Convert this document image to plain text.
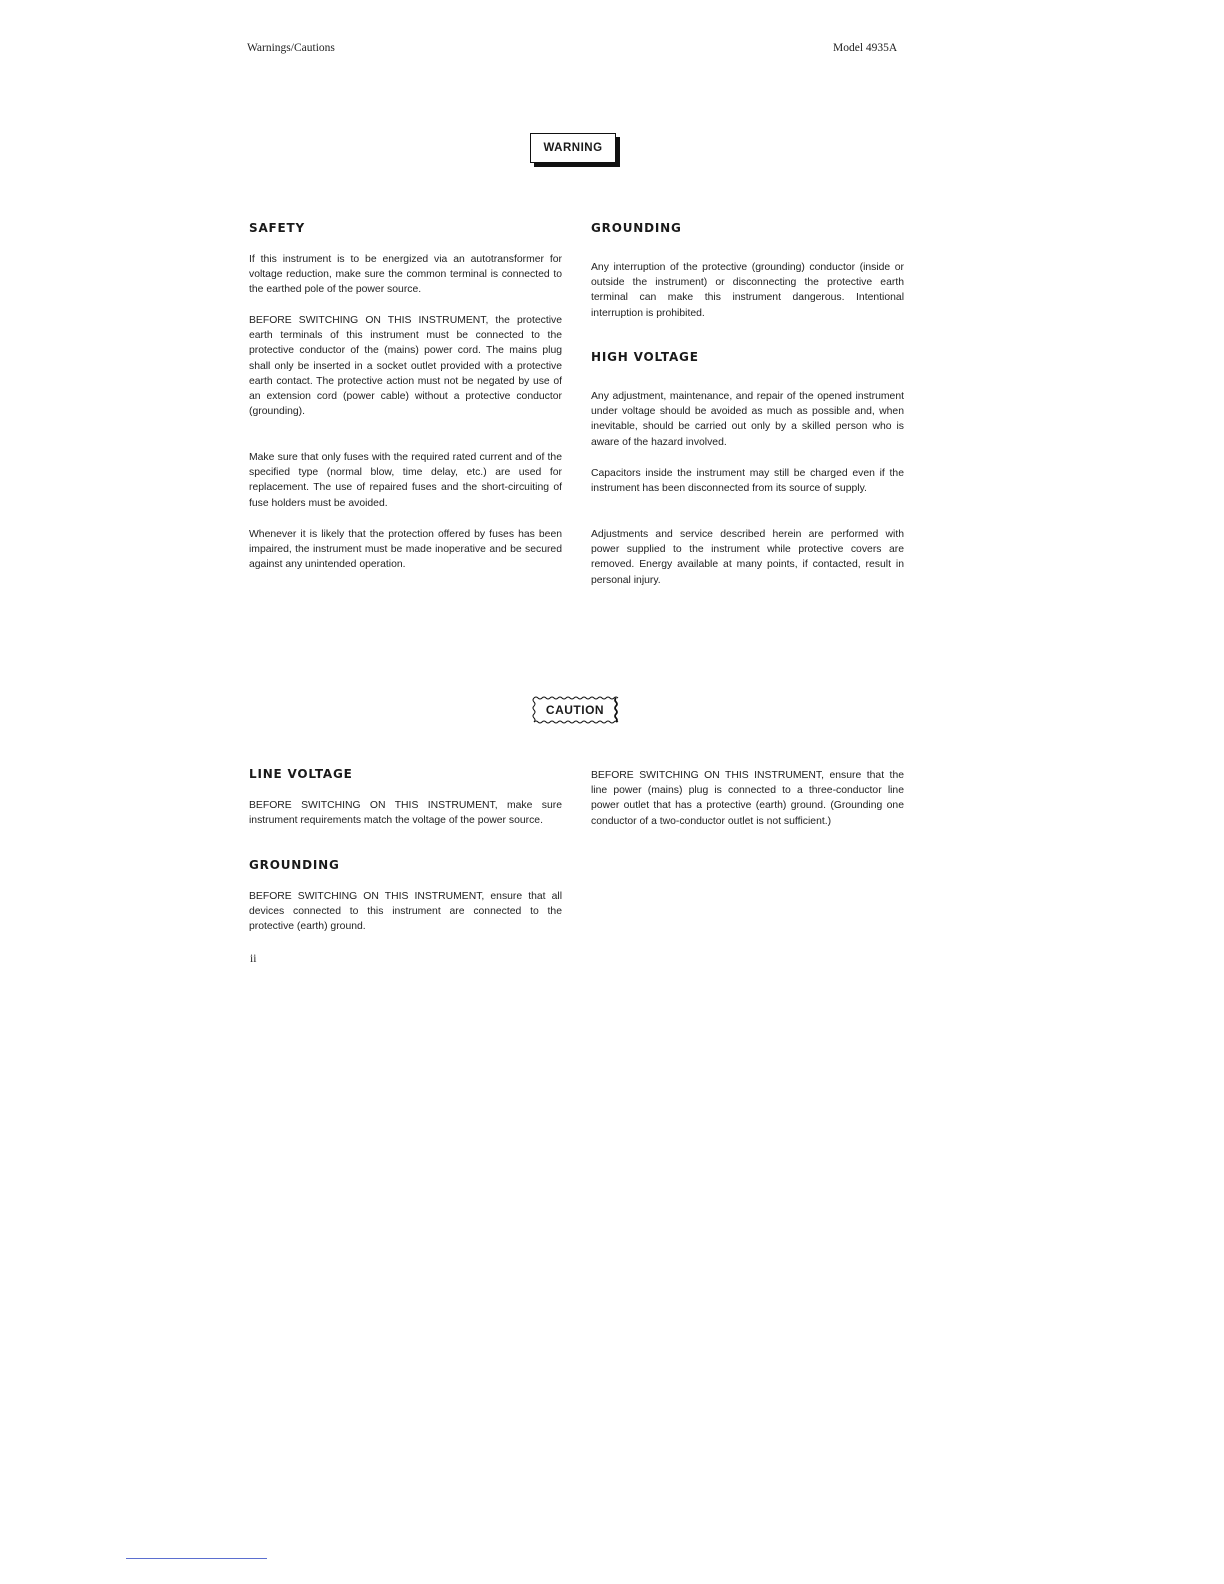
Warnings/Cautions	Model 4935A
WARNING
SAFETY

If this instrument is to be energized via an autotransformer for voltage reduction, make sure the common terminal is connected to the earthed pole of the power source.

BEFORE SWITCHING ON THIS INSTRUMENT, the protective earth terminals of this instrument must be connected to the protective conductor of the (mains) power cord. The mains plug shall only be inserted in a socket outlet provided with a protective earth contact. The protective action must not be negated by use of an extension cord (power cable) without a protective conductor (grounding).

Make sure that only fuses with the required rated current and of the specified type (normal blow, time delay, etc.) are used for replacement. The use of repaired fuses and the short-circuiting of fuse holders must be avoided.

Whenever it is likely that the protection offered by fuses has been impaired, the instrument must be made inoperative and be secured against any unintended operation.

GROUNDING

Any interruption of the protective (grounding) conductor (inside or outside the instrument) or disconnecting the protective earth terminal can make this instrument dangerous. Intentional interruption is prohibited.

HIGH VOLTAGE

Any adjustment, maintenance, and repair of the opened instrument under voltage should be avoided as much as possible and, when inevitable, should be carried out only by a skilled person who is aware of the hazard involved.

Capacitors inside the instrument may still be charged even if the instrument has been disconnected from its source of supply.

Adjustments and service described herein are performed with power supplied to the instrument while protective covers are removed. Energy available at many points, if contacted, result in personal injury.

CAUTION
LINE VOLTAGE

BEFORE SWITCHING ON THIS INSTRUMENT, make sure instrument requirements match the voltage of the power source.

GROUNDING

BEFORE SWITCHING ON THIS INSTRUMENT, ensure that all devices connected to this instrument are connected to the protective (earth) ground.

BEFORE SWITCHING ON THIS INSTRUMENT, ensure that the line power (mains) plug is connected to a three-conductor line power outlet that has a protective (earth) ground. (Grounding one conductor of a two-conductor outlet is not sufficient.)

ii
